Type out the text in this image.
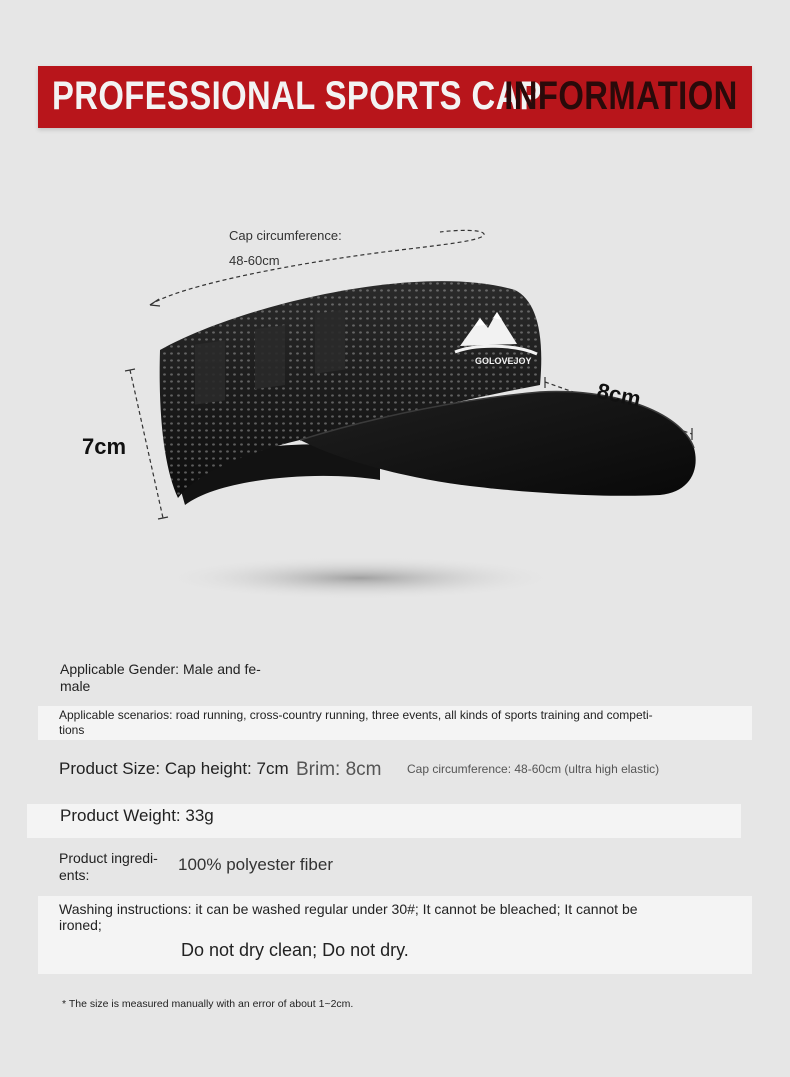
PROFESSIONAL SPORTS CAP
INFORMATION
GOLOVEJOY
Cap circumference:
48-60cm
7cm
8cm
Applicable Gender: Male and fe- male
Applicable scenarios: road running, cross-country running, three events, all kinds of sports training and competi- tions
Product Size: Cap height: 7cm Brim: 8cm Cap circumference: 48-60cm (ultra high elastic)
Product Weight: 33g
Product ingredi- ents:
100% polyester fiber
Washing instructions: it can be washed regular under 30#; It cannot be bleached; It cannot be ironed;
Do not dry clean; Do not dry.
* The size is measured manually with an error of about 1~2cm.
